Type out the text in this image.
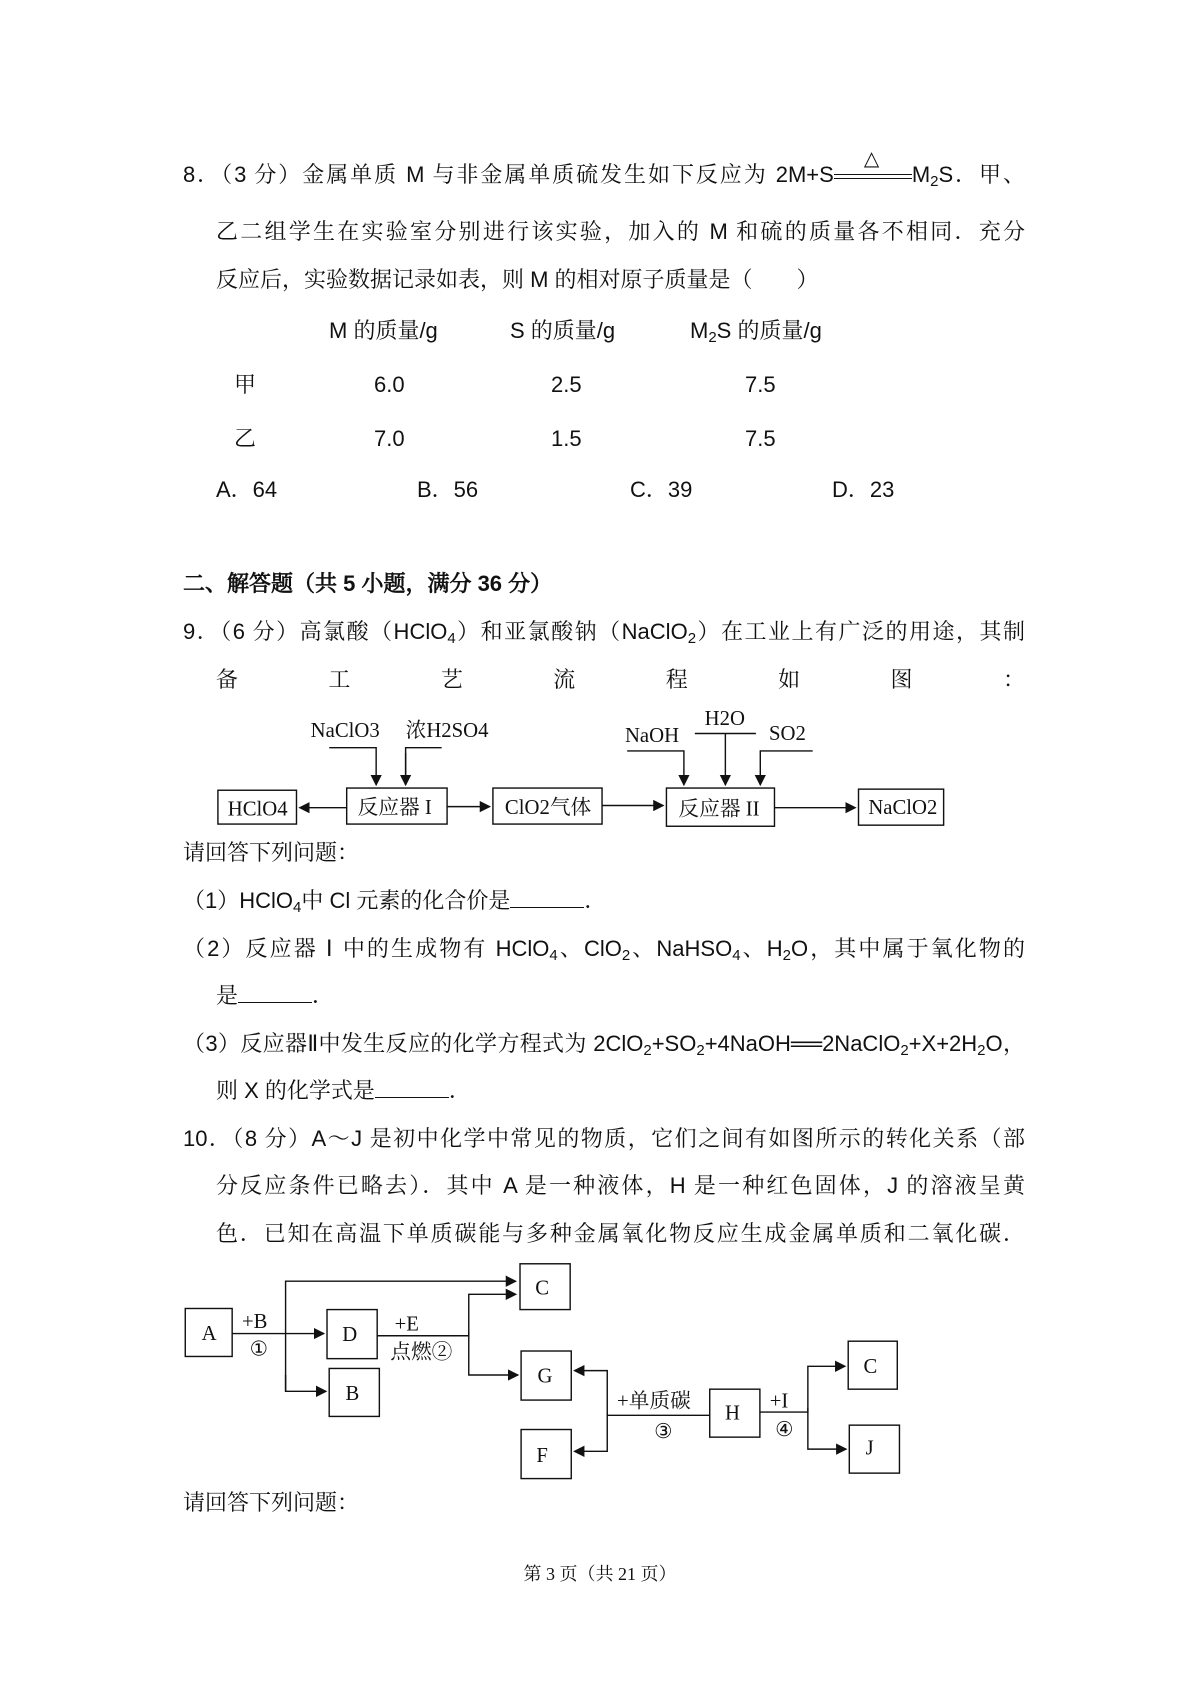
8．（3 分）金属单质 M 与非金属单质硫发生如下反应为 2M+S
△
$M_2S$．甲、
乙二组学生在实验室分别进行该实验，加入的 M 和硫的质量各不相同．充分
反应后，实验数据记录如表，则 M 的相对原子质量是（　　）
M 的质量/g	S 的质量/g	$M_2S$ 的质量/g
甲	6.0	2.5	7.5
乙	7.0	1.5	7.5
A．64	B．56	C．39	D．23
二、解答题（共 5 小题，满分 36 分）
9．（6 分）高氯酸（HClO$_4$）和亚氯酸钠（NaClO$_2$）在工业上有广泛的用途，其制
备	工	艺	流	程	如	图	：
HClO4	反应器 I	ClO2气体	反应器 II	NaClO2
NaClO3 浓H2SO4	NaOH
H2O
SO2
请回答下列问题：
（1）HClO$_4$中 Cl 元素的化合价是	．
（2）反应器 Ⅰ 中的生成物有 HClO$_4$、ClO$_2$、NaHSO$_4$、$H_2O$，其中属于氧化物的
是	．
（3）反应器Ⅱ中发生反应的化学方程式为 $2ClO_2+SO_2+4NaOH══2NaClO_2+X+2H_2O$，
则 X 的化学式是	．
10．（8 分）A～J 是初中化学中常见的物质，它们之间有如图所示的转化关系（部
分反应条件已略去）．其中 A 是一种液体，H 是一种红色固体，J 的溶液呈黄
色．已知在高温下单质碳能与多种金属氧化物反应生成金属单质和二氧化碳．
A	D
B
C
G
F
H
C
J
+B
①
+E
点燃②
+单质碳
③
+I
④
请回答下列问题：
第 3 页（共 21 页）
